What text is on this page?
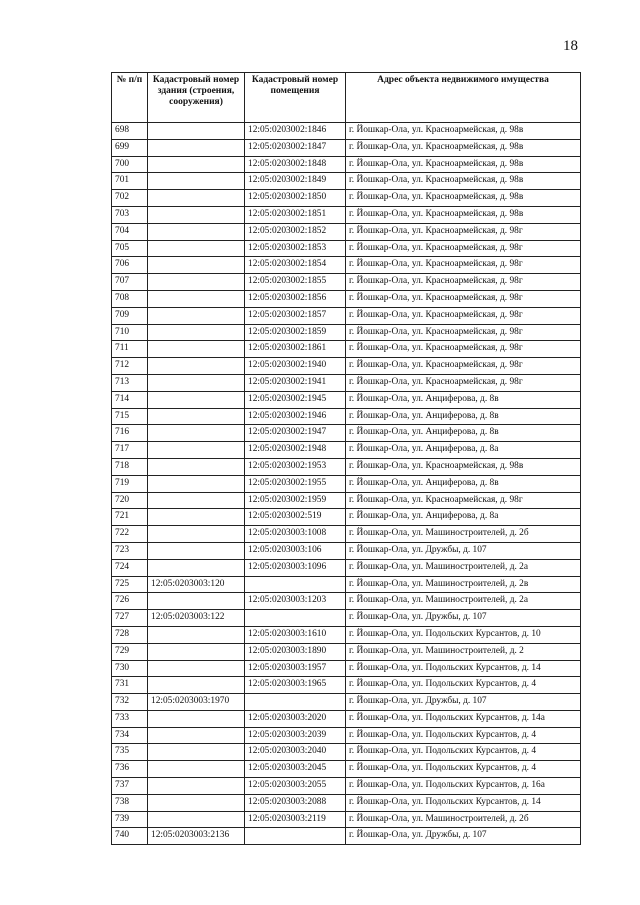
18
№ п/п	Кадастровый номер здания (строения, сооружения)	Кадастровый номер помещения	Адрес объекта недвижимого имущества
698		12:05:0203002:1846	г. Йошкар-Ола, ул. Красноармейская, д. 98в
699		12:05:0203002:1847	г. Йошкар-Ола, ул. Красноармейская, д. 98в
700		12:05:0203002:1848	г. Йошкар-Ола, ул. Красноармейская, д. 98в
701		12:05:0203002:1849	г. Йошкар-Ола, ул. Красноармейская, д. 98в
702		12:05:0203002:1850	г. Йошкар-Ола, ул. Красноармейская, д. 98в
703		12:05:0203002:1851	г. Йошкар-Ола, ул. Красноармейская, д. 98в
704		12:05:0203002:1852	г. Йошкар-Ола, ул. Красноармейская, д. 98г
705		12:05:0203002:1853	г. Йошкар-Ола, ул. Красноармейская, д. 98г
706		12:05:0203002:1854	г. Йошкар-Ола, ул. Красноармейская, д. 98г
707		12:05:0203002:1855	г. Йошкар-Ола, ул. Красноармейская, д. 98г
708		12:05:0203002:1856	г. Йошкар-Ола, ул. Красноармейская, д. 98г
709		12:05:0203002:1857	г. Йошкар-Ола, ул. Красноармейская, д. 98г
710		12:05:0203002:1859	г. Йошкар-Ола, ул. Красноармейская, д. 98г
711		12:05:0203002:1861	г. Йошкар-Ола, ул. Красноармейская, д. 98г
712		12:05:0203002:1940	г. Йошкар-Ола, ул. Красноармейская, д. 98г
713		12:05:0203002:1941	г. Йошкар-Ола, ул. Красноармейская, д. 98г
714		12:05:0203002:1945	г. Йошкар-Ола, ул. Анциферова, д. 8в
715		12:05:0203002:1946	г. Йошкар-Ола, ул. Анциферова, д. 8в
716		12:05:0203002:1947	г. Йошкар-Ола, ул. Анциферова, д. 8в
717		12:05:0203002:1948	г. Йошкар-Ола, ул. Анциферова, д. 8а
718		12:05:0203002:1953	г. Йошкар-Ола, ул. Красноармейская, д. 98в
719		12:05:0203002:1955	г. Йошкар-Ола, ул. Анциферова, д. 8в
720		12:05:0203002:1959	г. Йошкар-Ола, ул. Красноармейская, д. 98г
721		12:05:0203002:519	г. Йошкар-Ола, ул. Анциферова, д. 8а
722		12:05:0203003:1008	г. Йошкар-Ола, ул. Машиностроителей, д. 2б
723		12:05:0203003:106	г. Йошкар-Ола, ул. Дружбы, д. 107
724		12:05:0203003:1096	г. Йошкар-Ола, ул. Машиностроителей, д. 2а
725	12:05:0203003:120		г. Йошкар-Ола, ул. Машиностроителей, д. 2в
726		12:05:0203003:1203	г. Йошкар-Ола, ул. Машиностроителей, д. 2а
727	12:05:0203003:122		г. Йошкар-Ола, ул. Дружбы, д. 107
728		12:05:0203003:1610	г. Йошкар-Ола, ул. Подольских Курсантов, д. 10
729		12:05:0203003:1890	г. Йошкар-Ола, ул. Машиностроителей, д. 2
730		12:05:0203003:1957	г. Йошкар-Ола, ул. Подольских Курсантов, д. 14
731		12:05:0203003:1965	г. Йошкар-Ола, ул. Подольских Курсантов, д. 4
732	12:05:0203003:1970		г. Йошкар-Ола, ул. Дружбы, д. 107
733		12:05:0203003:2020	г. Йошкар-Ола, ул. Подольских Курсантов, д. 14а
734		12:05:0203003:2039	г. Йошкар-Ола, ул. Подольских Курсантов, д. 4
735		12:05:0203003:2040	г. Йошкар-Ола, ул. Подольских Курсантов, д. 4
736		12:05:0203003:2045	г. Йошкар-Ола, ул. Подольских Курсантов, д. 4
737		12:05:0203003:2055	г. Йошкар-Ола, ул. Подольских Курсантов, д. 16а
738		12:05:0203003:2088	г. Йошкар-Ола, ул. Подольских Курсантов, д. 14
739		12:05:0203003:2119	г. Йошкар-Ола, ул. Машиностроителей, д. 2б
740	12:05:0203003:2136		г. Йошкар-Ола, ул. Дружбы, д. 107
